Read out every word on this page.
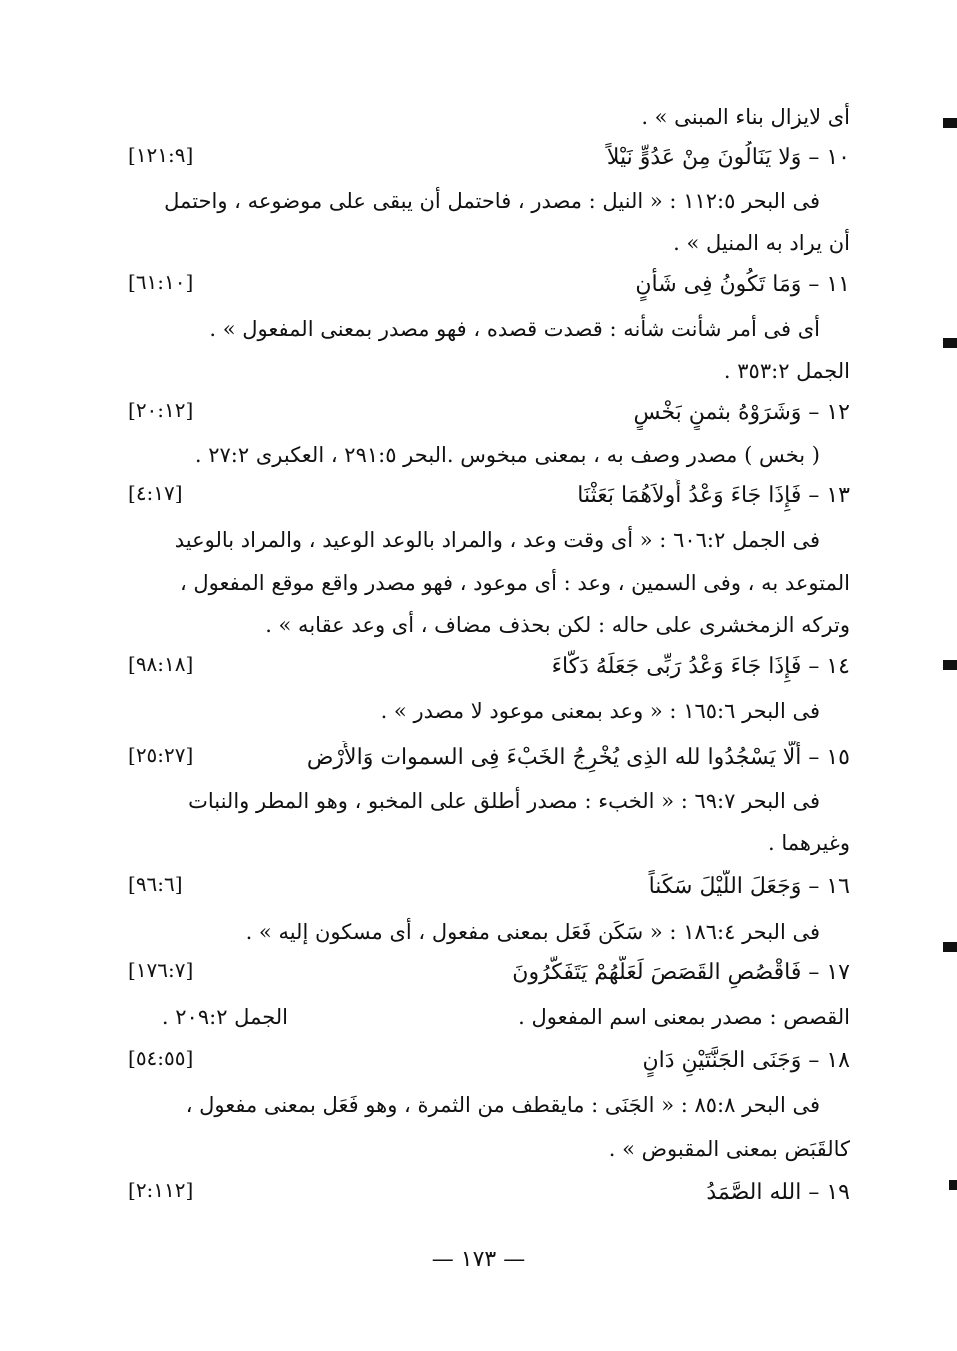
أى لايزال بناء المبنى » .
١٠ – وَلا يَنَالُونَ مِنْ عَدُوٍّ نَيْلاً
[١٢١:٩]
فى البحر ١١٢:٥ : « النيل : مصدر ، فاحتمل أن يبقى على موضوعه ، واحتمل
أن يراد به المنيل » .
١١ – وَمَا تَكُونُ فِى شَأْنٍ
[٦١:١٠]
أى فى أمر شأنت شأنه : قصدت قصده ، فهو مصدر بمعنى المفعول » .
الجمل ٣٥٣:٢ .
١٢ – وَشَرَوْهُ بثمنٍ بَخْسٍ
[٢٠:١٢]
( بخس ) مصدر وصف به ، بمعنى مبخوس .البحر ٢٩١:٥ ، العكبرى ٢٧:٢ .
١٣ – فَإِذَا جَاءَ وَعْدُ أُولاَهُمَا بَعَثْنَا
[٤:١٧]
فى الجمل ٦٠٦:٢ : « أى وقت وعد ، والمراد بالوعد الوعيد ، والمراد بالوعيد
المتوعد به ، وفى السمين ، وعد : أى موعود ، فهو مصدر واقع موقع المفعول ،
وتركه الزمخشرى على حاله : لكن بحذف مضاف ، أى وعد عقابه » .
١٤ – فَإِذَا جَاءَ وَعْدُ رَبِّى جَعَلَهُ دَكَّاءَ
[٩٨:١٨]
فى البحر ١٦٥:٦ : « وعد بمعنى موعود لا مصدر » .
١٥ – أَلَّا يَسْجُدُوا لله الذِى يُخْرِجُ الخَبْءَ فِى السموات وَالأَرْض
[٢٥:٢٧]
فى البحر ٦٩:٧ : « الخبء : مصدر أطلق على المخبو ، وهو المطر والنبات
وغيرهما .
١٦ – وَجَعَلَ اللَّيْلَ سَكَناً
[٩٦:٦]
فى البحر ١٨٦:٤ : « سَكَن فَعَل بمعنى مفعول ، أى مسكون إليه » .
١٧ – فَاقْصُصِ القَصَصَ لَعَلَّهُمْ يَتَفَكَّرُونَ
[١٧٦:٧]
القصص : مصدر بمعنى اسم المفعول .
الجمل ٢٠٩:٢ .
١٨ – وَجَنَى الجَنَّتَيْنِ دَانٍ
[٥٤:٥٥]
فى البحر ٨٥:٨ : « الجَنَى : مايقطف من الثمرة ، وهو فَعَل بمعنى مفعول ،
كالقَبَض بمعنى المقبوض » .
١٩ – الله الصَّمَدُ
[٢:١١٢]
— ١٧٣ —
